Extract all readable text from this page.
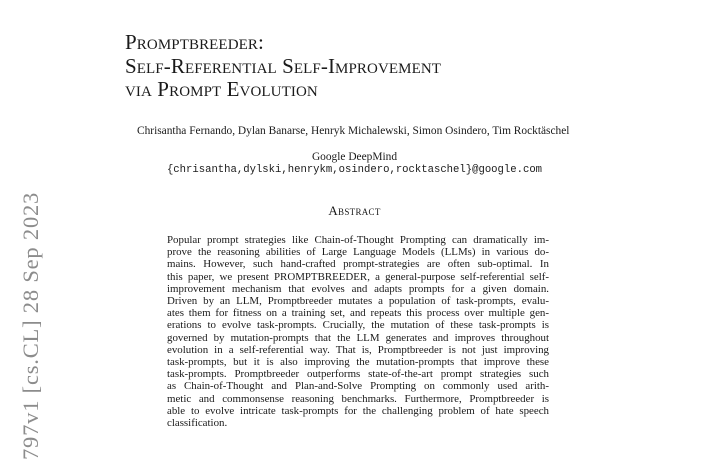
Promptbreeder:
Self-Referential Self-Improvement
via Prompt Evolution
Chrisantha Fernando, Dylan Banarse, Henryk Michalewski, Simon Osindero, Tim Rocktäschel
Google DeepMind
{chrisantha,dylski,henrykm,osindero,rocktaschel}@google.com
Abstract
Popular prompt strategies like Chain-of-Thought Prompting can dramatically im-
prove the reasoning abilities of Large Language Models (LLMs) in various do-
mains. However, such hand-crafted prompt-strategies are often sub-optimal. In
this paper, we present PROMPTBREEDER, a general-purpose self-referential self-
improvement mechanism that evolves and adapts prompts for a given domain.
Driven by an LLM, Promptbreeder mutates a population of task-prompts, evalu-
ates them for fitness on a training set, and repeats this process over multiple gen-
erations to evolve task-prompts. Crucially, the mutation of these task-prompts is
governed by mutation-prompts that the LLM generates and improves throughout
evolution in a self-referential way. That is, Promptbreeder is not just improving
task-prompts, but it is also improving the mutation-prompts that improve these
task-prompts. Promptbreeder outperforms state-of-the-art prompt strategies such
as Chain-of-Thought and Plan-and-Solve Prompting on commonly used arith-
metic and commonsense reasoning benchmarks. Furthermore, Promptbreeder is
able to evolve intricate task-prompts for the challenging problem of hate speech
classification.
797v1 [cs.CL] 28 Sep 2023
